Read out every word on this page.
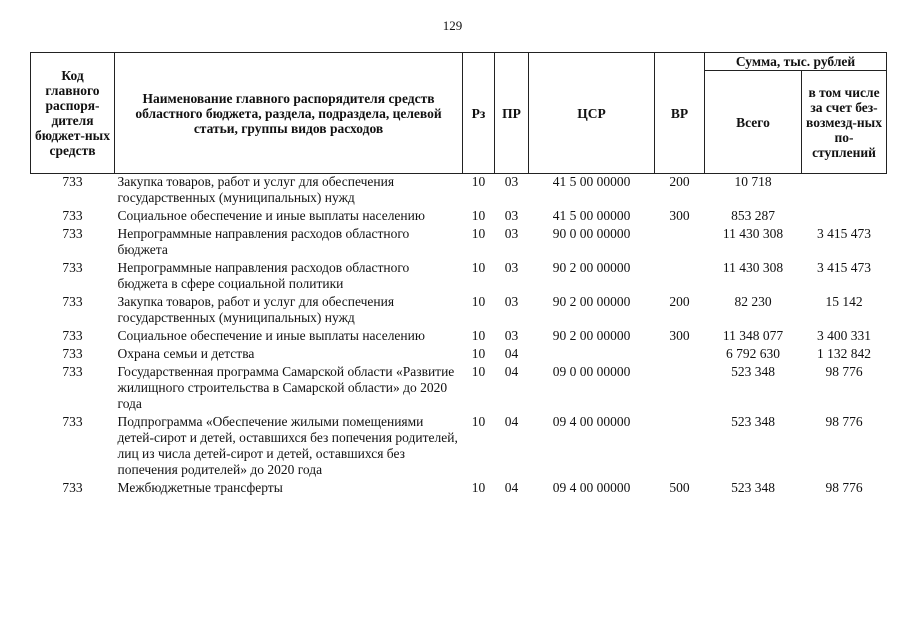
129
Код главного распоря-дителя бюджет-ных средств	Наименование главного распорядителя средств областного бюджета, раздела, подраздела, целевой статьи, группы видов расходов	Рз	ПР	ЦСР	ВР	Сумма, тыс. рублей	
						Всего	в том числе за счет без-возмезд-ных по-ступлений
733	Закупка товаров, работ и услуг для обеспечения государственных (муниципальных) нужд	10	03	41 5 00 00000	200	10 718	
733	Социальное обеспечение и иные выплаты населению	10	03	41 5 00 00000	300	853 287	
733	Непрограммные направления расходов областного бюджета	10	03	90 0 00 00000		11 430 308	3 415 473
733	Непрограммные направления расходов областного бюджета в сфере социальной политики	10	03	90 2 00 00000		11 430 308	3 415 473
733	Закупка товаров, работ и услуг для обеспечения государственных (муниципальных) нужд	10	03	90 2 00 00000	200	82 230	15 142
733	Социальное обеспечение и иные выплаты населению	10	03	90 2 00 00000	300	11 348 077	3 400 331
733	Охрана семьи и детства	10	04			6 792 630	1 132 842
733	Государственная программа Самарской области «Развитие жилищного строительства в Самарской области» до 2020 года	10	04	09 0 00 00000		523 348	98 776
733	Подпрограмма «Обеспечение жилыми помещениями детей-сирот и детей, оставшихся без попечения родителей, лиц из числа детей-сирот и детей, оставшихся без попечения родителей» до 2020 года	10	04	09 4 00 00000		523 348	98 776
733	Межбюджетные трансферты	10	04	09 4 00 00000	500	523 348	98 776
